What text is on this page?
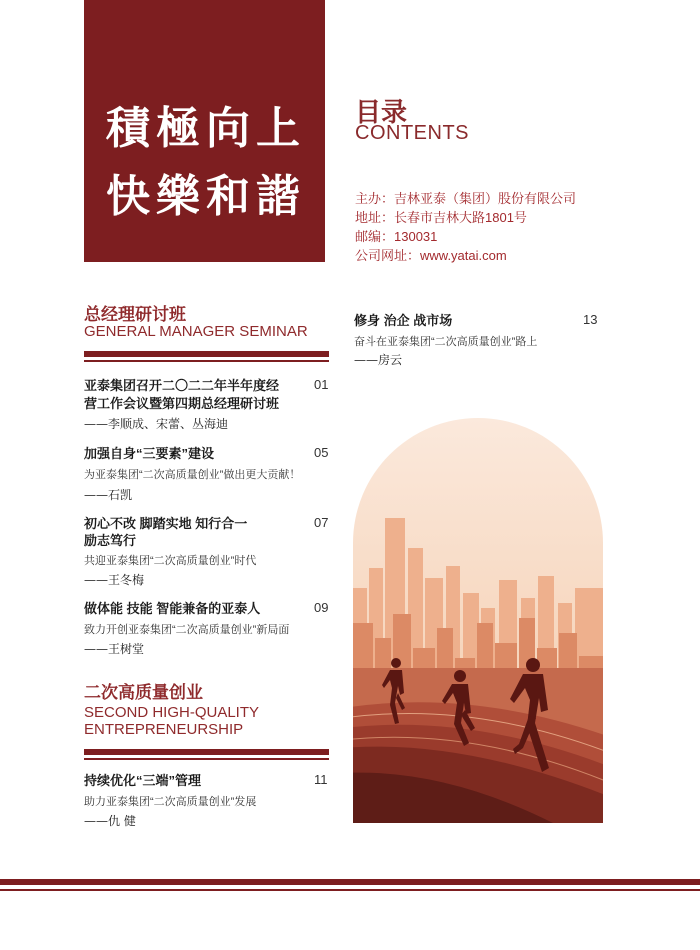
積極向上
快樂和諧
目录
CONTENTS
主办：吉林亚泰（集团）股份有限公司
地址：长春市吉林大路1801号
邮编：130031
公司网址：www.yatai.com
总经理研讨班
GENERAL MANAGER SEMINAR
亚泰集团召开二〇二二年半年度经
营工作会议暨第四期总经理研讨班
01
——李顺成、宋蕾、丛海迪
加强自身“三要素”建设	05
为亚泰集团“二次高质量创业”做出更大贡献！
——石凯
初心不改 脚踏实地 知行合一
励志笃行
07
共迎亚泰集团“二次高质量创业”时代
——王冬梅
做体能 技能 智能兼备的亚泰人	09
致力开创亚泰集团“二次高质量创业”新局面
——王树堂
二次高质量创业
SECOND HIGH-QUALITY
ENTREPRENEURSHIP
持续优化“三端”管理	11
助力亚泰集团“二次高质量创业”发展
——仇 健
修身 治企 战市场	13
奋斗在亚泰集团“二次高质量创业”路上
——房云
